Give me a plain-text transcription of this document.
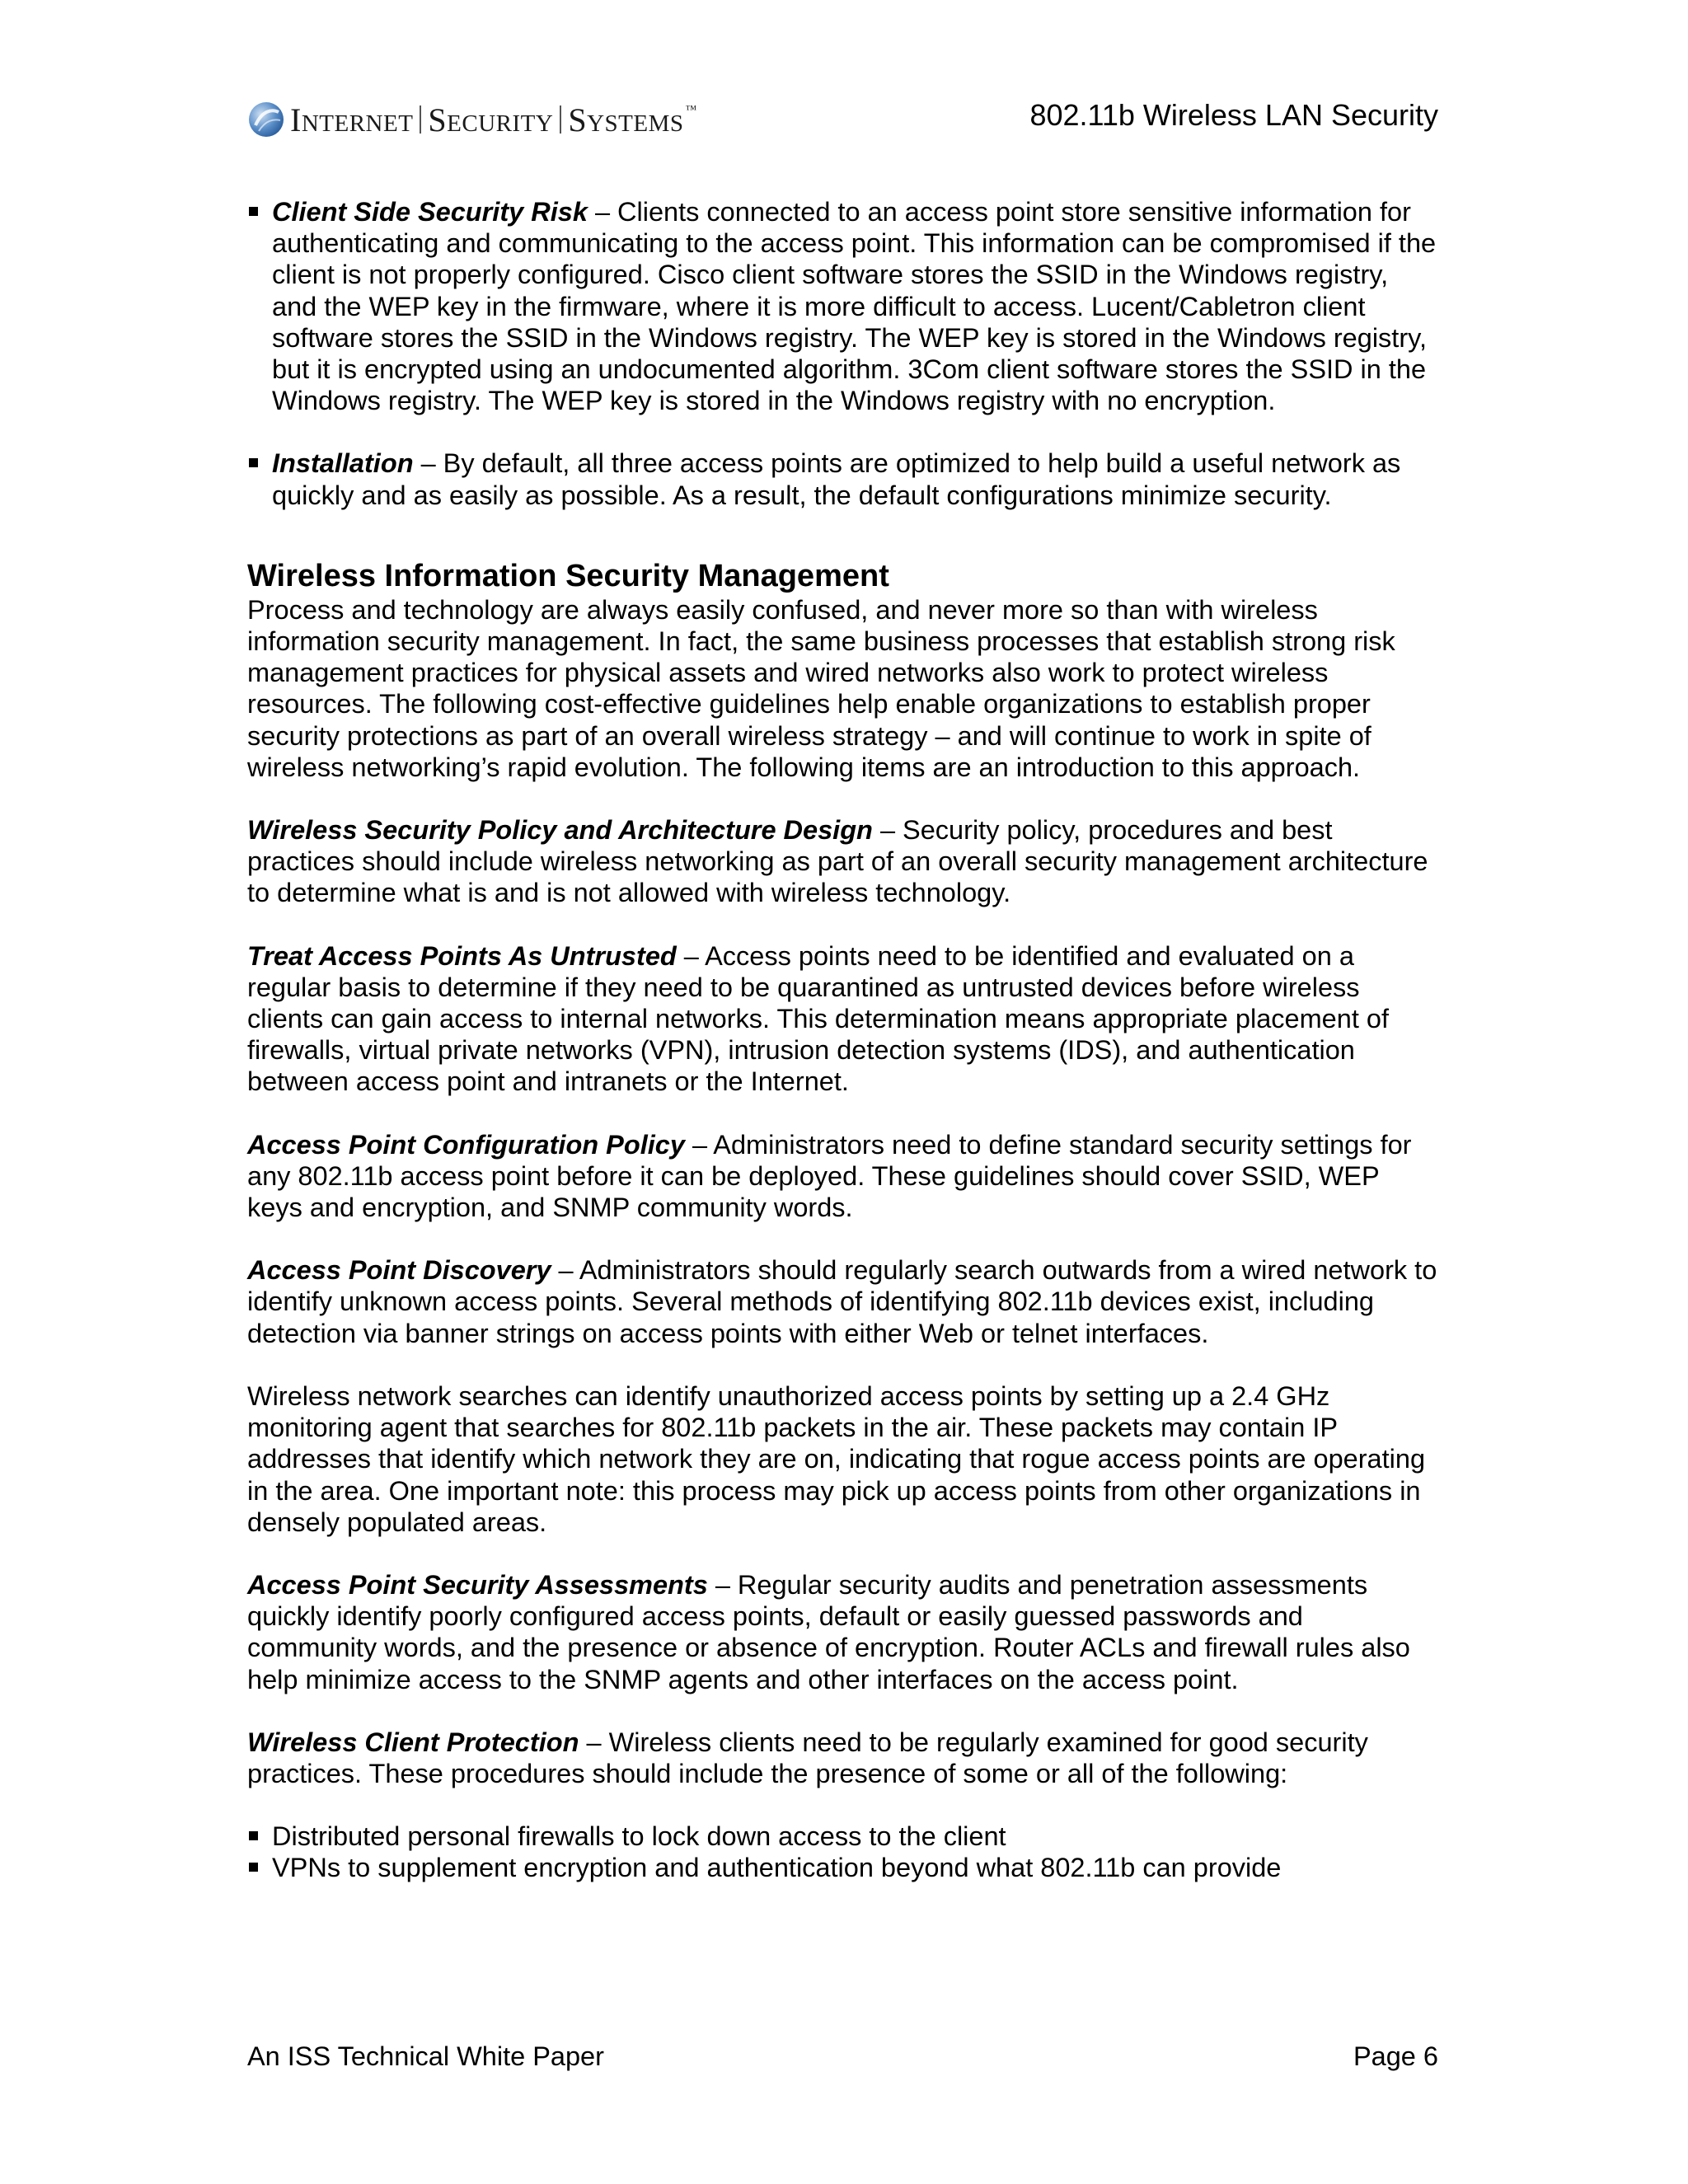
INTERNET SECURITY SYSTEMS
™	802.11b Wireless LAN Security

Client Side Security Risk – Clients connected to an access point store sensitive information for authenticating and communicating to the access point. This information can be compromised if the client is not properly configured. Cisco client software stores the SSID in the Windows registry, and the WEP key in the firmware, where it is more difficult to access. Lucent/Cabletron client software stores the SSID in the Windows registry. The WEP key is stored in the Windows registry, but it is encrypted using an undocumented algorithm. 3Com client software stores the SSID in the Windows registry. The WEP key is stored in the Windows registry with no encryption.

Installation – By default, all three access points are optimized to help build a useful network as quickly and as easily as possible. As a result, the default configurations minimize security.

Wireless Information Security Management

Process and technology are always easily confused, and never more so than with wireless information security management. In fact, the same business processes that establish strong risk management practices for physical assets and wired networks also work to protect wireless resources. The following cost-effective guidelines help enable organizations to establish proper security protections as part of an overall wireless strategy – and will continue to work in spite of wireless networking’s rapid evolution. The following items are an introduction to this approach.

Wireless Security Policy and Architecture Design – Security policy, procedures and best practices should include wireless networking as part of an overall security management architecture to determine what is and is not allowed with wireless technology.

Treat Access Points As Untrusted – Access points need to be identified and evaluated on a regular basis to determine if they need to be quarantined as untrusted devices before wireless clients can gain access to internal networks. This determination means appropriate placement of firewalls, virtual private networks (VPN), intrusion detection systems (IDS), and authentication between access point and intranets or the Internet.

Access Point Configuration Policy – Administrators need to define standard security settings for any 802.11b access point before it can be deployed. These guidelines should cover SSID, WEP keys and encryption, and SNMP community words.

Access Point Discovery – Administrators should regularly search outwards from a wired network to identify unknown access points. Several methods of identifying 802.11b devices exist, including detection via banner strings on access points with either Web or telnet interfaces.

Wireless network searches can identify unauthorized access points by setting up a 2.4 GHz monitoring agent that searches for 802.11b packets in the air. These packets may contain IP addresses that identify which network they are on, indicating that rogue access points are operating in the area. One important note: this process may pick up access points from other organizations in densely populated areas.

Access Point Security Assessments – Regular security audits and penetration assessments quickly identify poorly configured access points, default or easily guessed passwords and community words, and the presence or absence of encryption. Router ACLs and firewall rules also help minimize access to the SNMP agents and other interfaces on the access point.

Wireless Client Protection – Wireless clients need to be regularly examined for good security practices. These procedures should include the presence of some or all of the following:

Distributed personal firewalls to lock down access to the client
VPNs to supplement encryption and authentication beyond what 802.11b can provide
An ISS Technical White Paper	Page 6
